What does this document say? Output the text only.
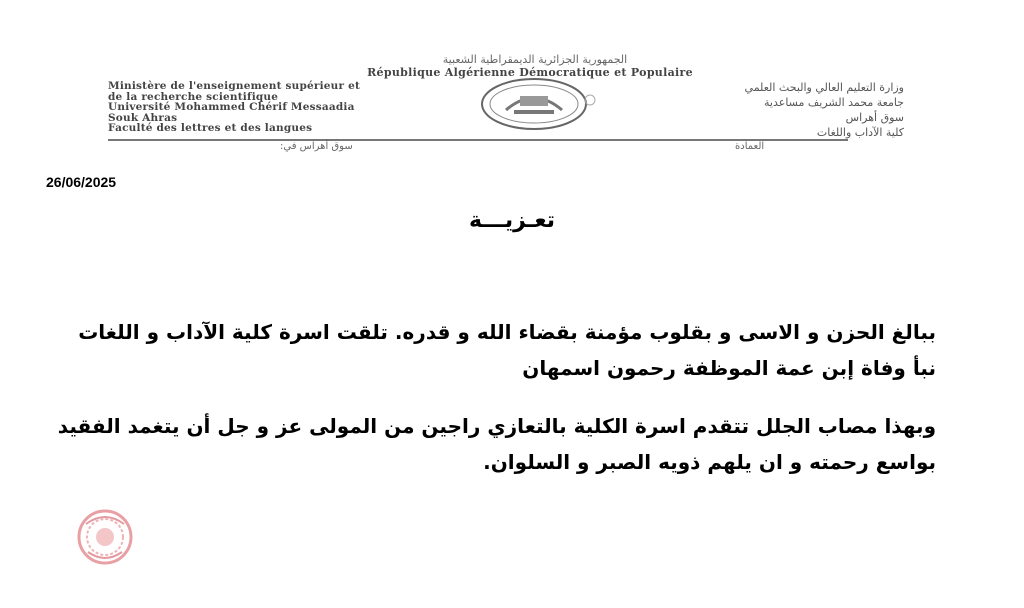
الجمهورية الجزائرية الديمقراطية الشعبية
République Algérienne Démocratique et Populaire
Ministère de l'enseignement supérieur et
de la recherche scientifique
Université Mohammed Chérif Messaadia
Souk Ahras
Faculté des lettres et des langues
وزارة التعليم العالي والبحث العلمي
جامعة محمد الشريف مساعدية
سوق أهراس
كلية الآداب واللغات
سوق أهراس في:	العمادة
26/06/2025
تعـزيـــة
ببالغ الحزن و الاسى و بقلوب مؤمنة بقضاء الله و قدره. تلقت اسرة كلية الآداب و اللغات
نبأ وفاة إبن عمة الموظفة رحمون اسمهان
وبهذا مصاب الجلل تتقدم اسرة الكلية بالتعازي راجين من المولى عز و جل أن يتغمد الفقيد
بواسع رحمته و ان يلهم ذويه الصبر و السلوان.
